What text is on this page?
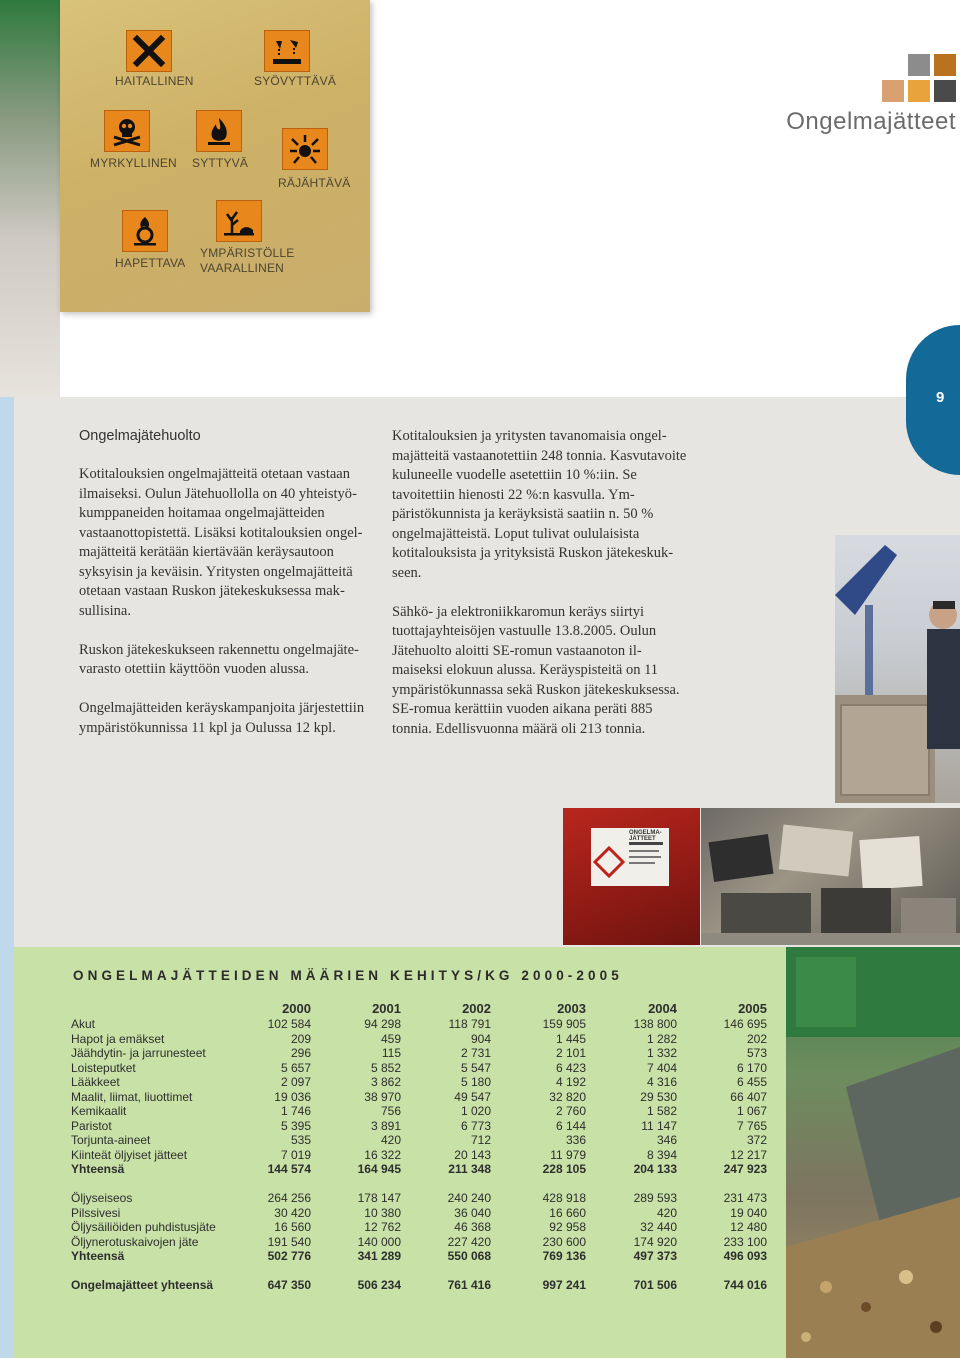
HAITALLINEN	SYÖVYTTÄVÄ
MYRKYLLINEN SYTTYVÄ
RÄJÄHTÄVÄ
HAPETTAVA
YMPÄRISTÖLLE
VAARALLINEN
Ongelmajätteet
9
Ongelmajätehuolto

Kotitalouksien ongelmajätteitä otetaan vastaan ilmaiseksi. Oulun Jätehuollolla on 40 yhteistyökumppaneiden hoitamaa ongelmajätteiden vastaanottopistettä. Lisäksi kotitalouksien ongelmajätteitä kerätään kiertävään keräysautoon syksyisin ja keväisin. Yritysten ongelmajätteitä otetaan vastaan Ruskon jätekeskuksessa maksullisina.

Ruskon jätekeskukseen rakennettu ongelmajätevarasto otettiin käyttöön vuoden alussa.

Ongelmajätteiden keräyskampanjoita järjestettiin ympäristökunnissa 11 kpl ja Oulussa 12 kpl.

Kotitalouksien ja yritysten tavanomaisia ongelmajätteitä vastaanotettiin 248 tonnia. Kasvutavoite kuluneelle vuodelle asetettiin 10 %:iin. Se tavoitettiin hienosti 22 %:n kasvulla. Ympäristökunnista ja keräyksistä saatiin n. 50 % ongelmajätteistä. Loput tulivat oululaisista kotitalouksista ja yrityksistä Ruskon jätekeskukseen.

Sähkö- ja elektroniikkaromun keräys siirtyi tuottajayhteisöjen vastuulle 13.8.2005. Oulun Jätehuolto aloitti SE-romun vastaanoton ilmaiseksi elokuun alussa. Keräyspisteitä on 11 ympäristökunnassa sekä Ruskon jätekeskuksessa. SE-romua kerättiin vuoden aikana peräti 885 tonnia. Edellisvuonna määrä oli 213 tonnia.

ONGELMA-
JÄTTEET
ONGELMAJÄTTEIDEN MÄÄRIEN KEHITYS/KG 2000-2005
2000	2001	2002	2003	2004	2005
Akut	102 584	94 298	118 791	159 905	138 800	146 695
Hapot ja emäkset	209	459	904	1 445	1 282	202
Jäähdytin- ja jarrunesteet	296	115	2 731	2 101	1 332	573
Loisteputket	5 657	5 852	5 547	6 423	7 404	6 170
Lääkkeet	2 097	3 862	5 180	4 192	4 316	6 455
Maalit, liimat, liuottimet	19 036	38 970	49 547	32 820	29 530	66 407
Kemikaalit	1 746	756	1 020	2 760	1 582	1 067
Paristot	5 395	3 891	6 773	6 144	11 147	7 765
Torjunta-aineet	535	420	712	336	346	372
Kiinteät öljyiset jätteet	7 019	16 322	20 143	11 979	8 394	12 217
Yhteensä	144 574	164 945	211 348	228 105	204 133	247 923
Öljyseiseos	264 256	178 147	240 240	428 918	289 593	231 473
Pilssivesi	30 420	10 380	36 040	16 660	420	19 040
Öljysäiliöiden puhdistusjäte	16 560	12 762	46 368	92 958	32 440	12 480
Öljynerotuskaivojen jäte	191 540	140 000	227 420	230 600	174 920	233 100
Yhteensä	502 776	341 289	550 068	769 136	497 373	496 093
Ongelmajätteet yhteensä	647 350	506 234	761 416	997 241	701 506	744 016
